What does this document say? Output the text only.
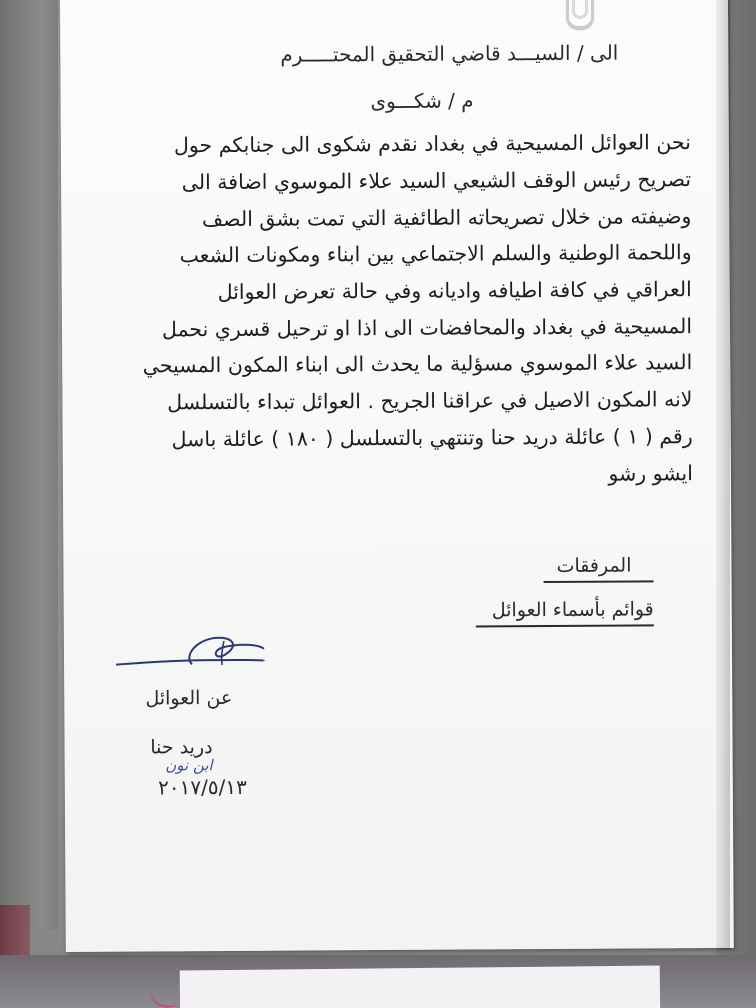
الى / السيـــد قاضي التحقيق المحتـــــرم
م / شكـــوى
نحن العوائل المسيحية في بغداد نقدم شكوى الى جنابكم حول
تصريح رئيس الوقف الشيعي السيد علاء الموسوي اضافة الى
وضيفته من خلال تصريحاته الطائفية التي تمت بشق الصف
واللحمة الوطنية والسلم الاجتماعي بين ابناء ومكونات الشعب
العراقي في كافة اطيافه واديانه وفي حالة تعرض العوائل
المسيحية في بغداد والمحافضات الى اذا او ترحيل قسري نحمل
السيد علاء الموسوي مسؤلية ما يحدث الى ابناء المكون المسيحي
لانه المكون الاصيل في عراقنا الجريح . العوائل تبداء بالتسلسل
رقم ( ١ ) عائلة دريد حنا وتنتهي بالتسلسل ( ١٨٠ ) عائلة باسل
ايشو رشو
المرفقات
قوائم بأسماء العوائل
عن العوائل
دريد حنا
ابن نون
٢٠١٧/٥/١٣
